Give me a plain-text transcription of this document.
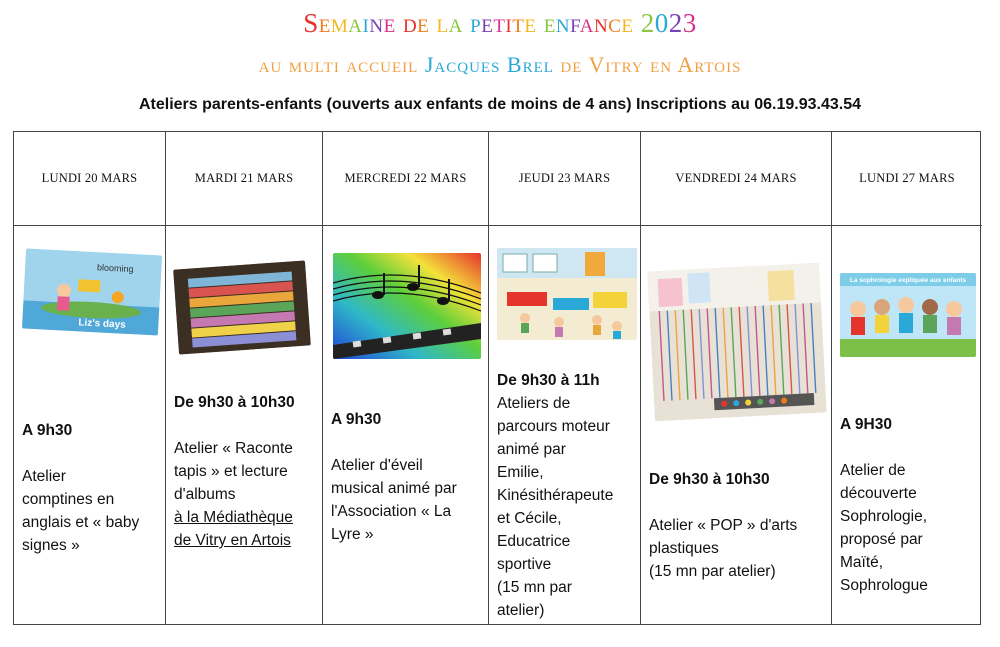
Semaine de la petite enfance 2023
au multi accueil Jacques Brel de Vitry en Artois
Ateliers parents-enfants (ouverts aux enfants de moins de 4 ans) Inscriptions au 06.19.93.43.54
LUNDI 20 MARS
blooming
Liz's days

A 9h30

Atelier

comptines en

anglais et « baby

signes »

MARDI 21 MARS

De 9h30 à 10h30

Atelier « Raconte

tapis » et lecture

d'albums

à la Médiathèque

de Vitry en Artois

MERCREDI 22 MARS

A 9h30

Atelier d'éveil

musical animé par

l'Association « La

Lyre »

JEUDI 23 MARS

De 9h30 à 11h

Ateliers de

parcours moteur

animé par

Emilie,

Kinésithérapeute

et Cécile,

Educatrice

sportive

(15 mn par

atelier)

VENDREDI 24 MARS

De 9h30 à 10h30

Atelier « POP » d'arts

plastiques

(15 mn par atelier)

LUNDI 27 MARS
La sophrologie expliquée aux enfants

A 9H30

Atelier de

découverte

Sophrologie,

proposé par

Maïté,

Sophrologue
